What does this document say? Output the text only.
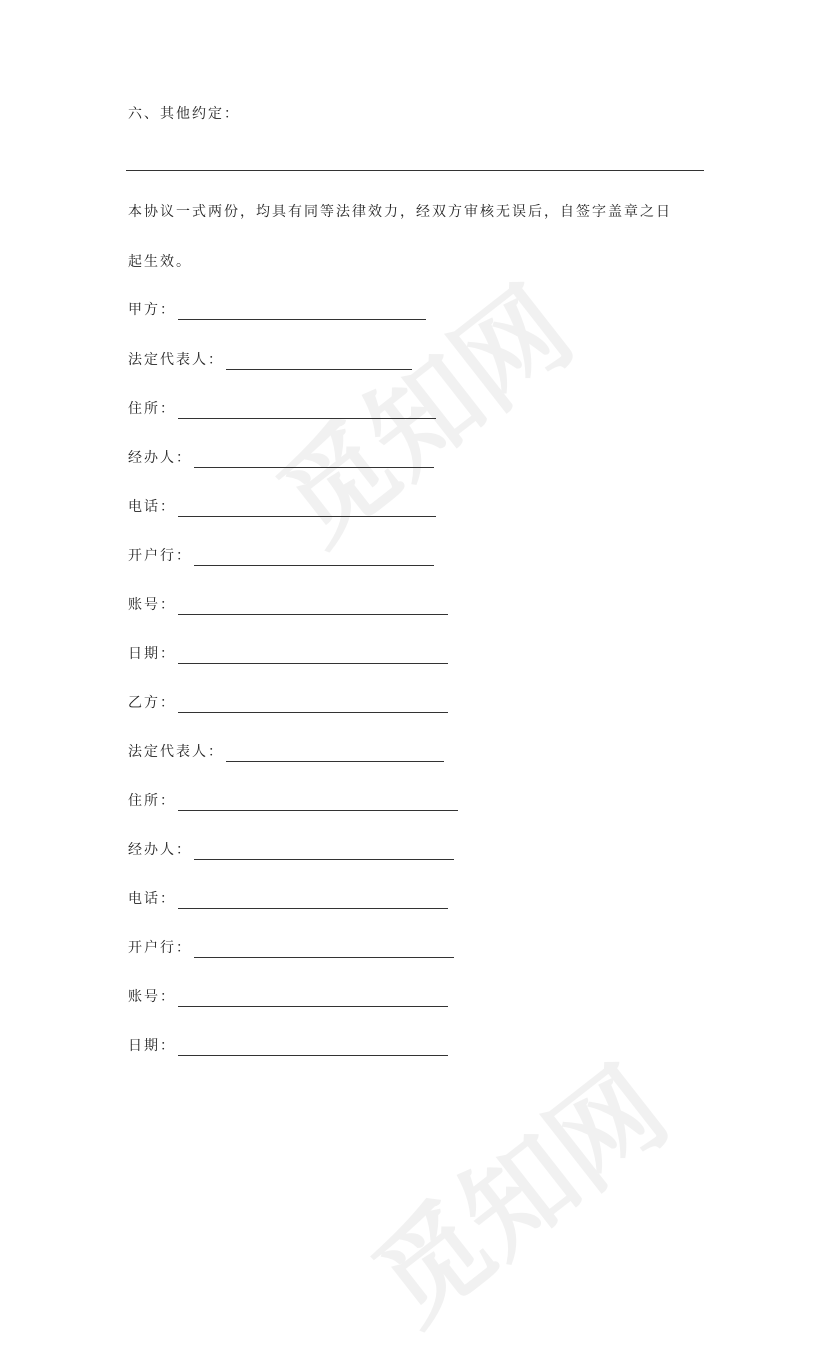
觅知网
觅知网
六、其他约定：
本协议一式两份，均具有同等法律效力，经双方审核无误后，自签字盖章之日
起生效。
甲方：
法定代表人：
住所：
经办人：
电话：
开户行：
账号：
日期：
乙方：
法定代表人：
住所：
经办人：
电话：
开户行：
账号：
日期：
